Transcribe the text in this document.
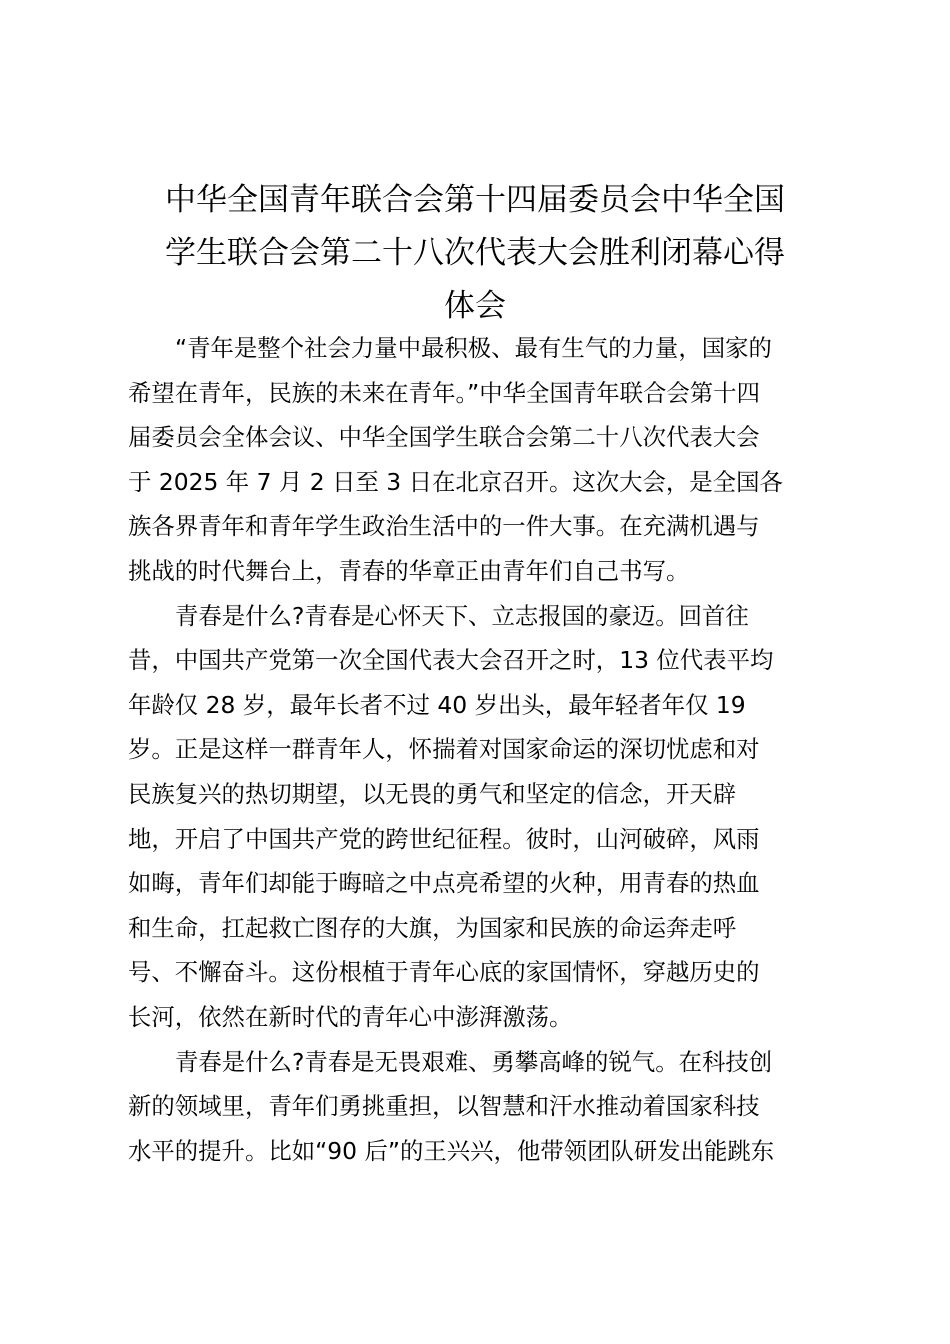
中华全国青年联合会第十四届委员会中华全国
学生联合会第二十八次代表大会胜利闭幕心得
体会
“青年是整个社会力量中最积极、最有生气的力量，国家的
希望在青年，民族的未来在青年。”中华全国青年联合会第十四
届委员会全体会议、中华全国学生联合会第二十八次代表大会
于 2025 年 7 月 2 日至 3 日在北京召开。这次大会，是全国各
族各界青年和青年学生政治生活中的一件大事。在充满机遇与
挑战的时代舞台上，青春的华章正由青年们自己书写。
青春是什么?青春是心怀天下、立志报国的豪迈。回首往
昔，中国共产党第一次全国代表大会召开之时，13 位代表平均
年龄仅 28 岁，最年长者不过 40 岁出头，最年轻者年仅 19
岁。正是这样一群青年人，怀揣着对国家命运的深切忧虑和对
民族复兴的热切期望，以无畏的勇气和坚定的信念，开天辟
地，开启了中国共产党的跨世纪征程。彼时，山河破碎，风雨
如晦，青年们却能于晦暗之中点亮希望的火种，用青春的热血
和生命，扛起救亡图存的大旗，为国家和民族的命运奔走呼
号、不懈奋斗。这份根植于青年心底的家国情怀，穿越历史的
长河，依然在新时代的青年心中澎湃激荡。
青春是什么?青春是无畏艰难、勇攀高峰的锐气。在科技创
新的领域里，青年们勇挑重担，以智慧和汗水推动着国家科技
水平的提升。比如“90 后”的王兴兴，他带领团队研发出能跳东
